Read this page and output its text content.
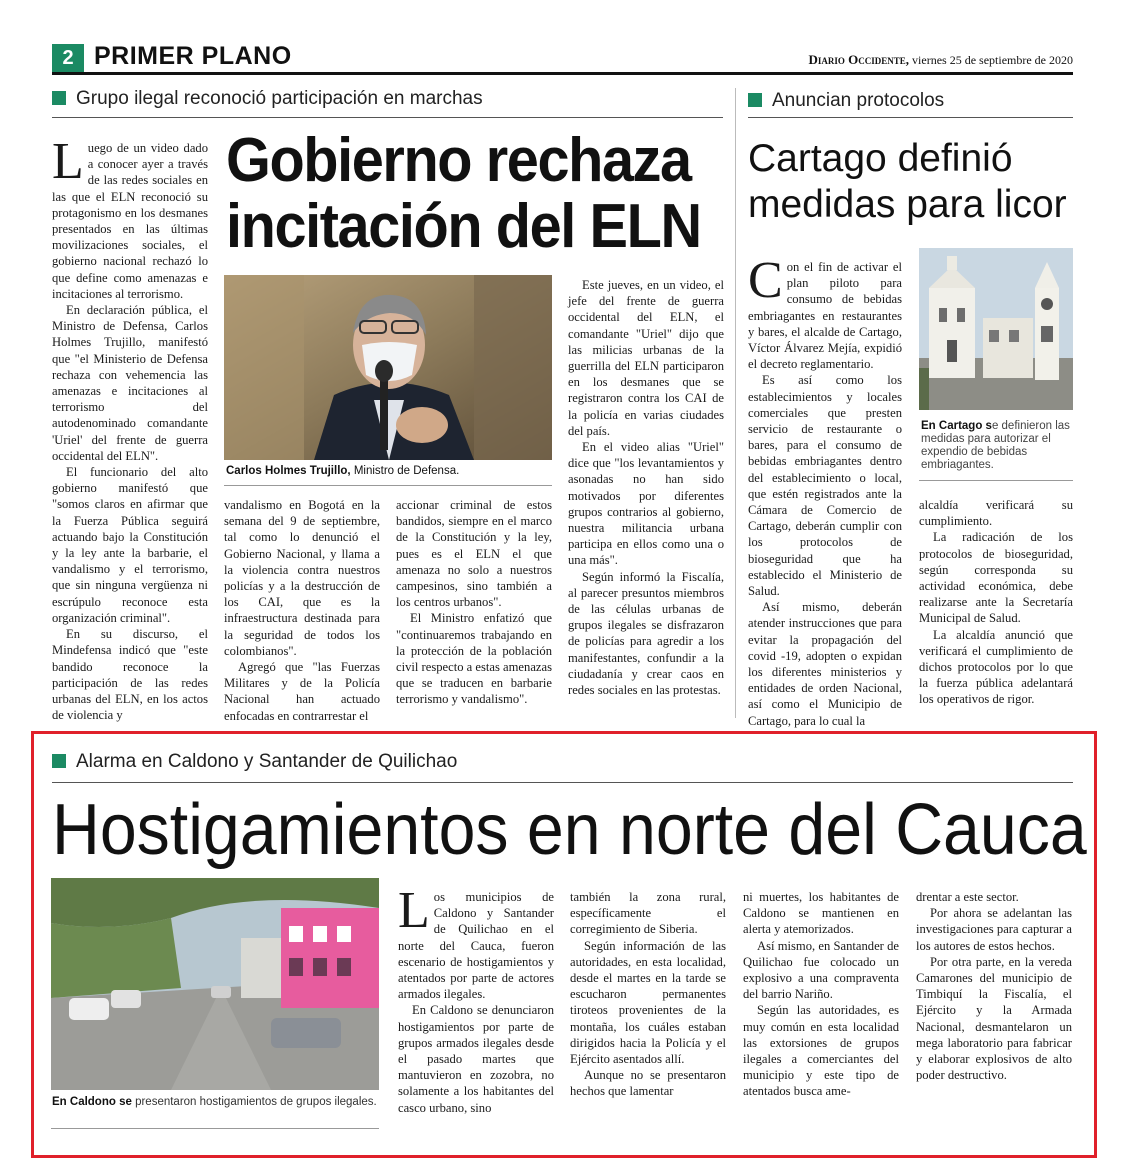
2 PRIMER PLANO	Diario Occidente, viernes 25 de septiembre de 2020
Grupo ilegal reconoció participación en marchas
Gobierno rechaza
incitación del ELN
Carlos Holmes Trujillo, Ministro de Defensa.

Luego de un video dado a conocer ayer a través de las redes sociales en las que el ELN reconoció su protagonismo en los desmanes presentados en las últimas movilizaciones sociales, el gobierno nacional rechazó lo que define como amenazas e incitaciones al terrorismo.

En declaración pública, el Ministro de Defensa, Carlos Holmes Trujillo, manifestó que "el Ministerio de Defensa rechaza con vehemencia las amenazas e incitaciones al terrorismo del autodenominado comandante 'Uriel' del frente de guerra occidental del ELN".

El funcionario del alto gobierno manifestó que "somos claros en afirmar que la Fuerza Pública seguirá actuando bajo la Constitución y la ley ante la barbarie, el vandalismo y el terrorismo, que sin ninguna vergüenza ni escrúpulo reconoce esta organización criminal".

En su discurso, el Mindefensa indicó que "este bandido reconoce la participación de las redes urbanas del ELN, en los actos de violencia y

vandalismo en Bogotá en la semana del 9 de septiembre, tal como lo denunció el Gobierno Nacional, y llama a la violencia contra nuestros policías y a la destrucción de los CAI, que es la infraestructura destinada para la seguridad de todos los colombianos".

Agregó que "las Fuerzas Militares y de la Policía Nacional han actuado enfocadas en contrarrestar el

accionar criminal de estos bandidos, siempre en el marco de la Constitución y la ley, pues es el ELN el que amenaza no solo a nuestros campesinos, sino también a los centros urbanos".

El Ministro enfatizó que "continuaremos trabajando en la protección de la población civil respecto a estas amenazas que se traducen en barbarie terrorismo y vandalismo".

Este jueves, en un video, el jefe del frente de guerra occidental del ELN, el comandante "Uriel" dijo que las milicias urbanas de la guerrilla del ELN participaron en los desmanes que se registraron contra los CAI de la policía en varias ciudades del país.

En el video alias "Uriel" dice que "los levantamientos y asonadas no han sido motivados por diferentes grupos contrarios al gobierno, nuestra militancia urbana participa en ellos como una o una más".

Según informó la Fiscalía, al parecer presuntos miembros de las células urbanas de grupos ilegales se disfrazaron de policías para agredir a los manifestantes, confundir a la ciudadanía y crear caos en redes sociales en las protestas.

Anuncian protocolos
Cartago definió
medidas para licor

Con el fin de activar el plan piloto para consumo de bebidas embriagantes en restaurantes y bares, el alcalde de Cartago, Víctor Álvarez Mejía, expidió el decreto reglamentario.

Es así como los establecimientos y locales comerciales que presten servicio de restaurante o bares, para el consumo de bebidas embriagantes dentro del establecimiento o local, que estén registrados ante la Cámara de Comercio de Cartago, deberán cumplir con los protocolos de bioseguridad que ha establecido el Ministerio de Salud.

Así mismo, deberán atender instrucciones que para evitar la propagación del covid -19, adopten o expidan los diferentes ministerios y entidades de orden Nacional, así como el Municipio de Cartago, para lo cual la

En Cartago se definieron las medidas para autorizar el expendio de bebidas embriagantes.

alcaldía verificará su cumplimiento.

La radicación de los protocolos de bioseguridad, según corresponda su actividad económica, debe realizarse ante la Secretaría Municipal de Salud.

La alcaldía anunció que verificará el cumplimiento de dichos protocolos por lo que la fuerza pública adelantará los operativos de rigor.

Alarma en Caldono y Santander de Quilichao
Hostigamientos en norte del Cauca
En Caldono se presentaron hostigamientos de grupos ilegales.

Los municipios de Caldono y Santander de Quilichao en el norte del Cauca, fueron escenario de hostigamientos y atentados por parte de actores armados ilegales.

En Caldono se denunciaron hostigamientos por parte de grupos armados ilegales desde el pasado martes que mantuvieron en zozobra, no solamente a los habitantes del casco urbano, sino

también la zona rural, específicamente el corregimiento de Siberia.

Según información de las autoridades, en esta localidad, desde el martes en la tarde se escucharon permanentes tiroteos provenientes de la montaña, los cuáles estaban dirigidos hacia la Policía y el Ejército asentados allí.

Aunque no se presentaron hechos que lamentar

ni muertes, los habitantes de Caldono se mantienen en alerta y atemorizados.

Así mismo, en Santander de Quilichao fue colocado un explosivo a una compraventa del barrio Nariño.

Según las autoridades, es muy común en esta localidad las extorsiones de grupos ilegales a comerciantes del municipio y este tipo de atentados busca ame-

drentar a este sector.

Por ahora se adelantan las investigaciones para capturar a los autores de estos hechos.

Por otra parte, en la vereda Camarones del municipio de Timbiquí la Fiscalía, el Ejército y la Armada Nacional, desmantelaron un mega laboratorio para fabricar y elaborar explosivos de alto poder destructivo.
